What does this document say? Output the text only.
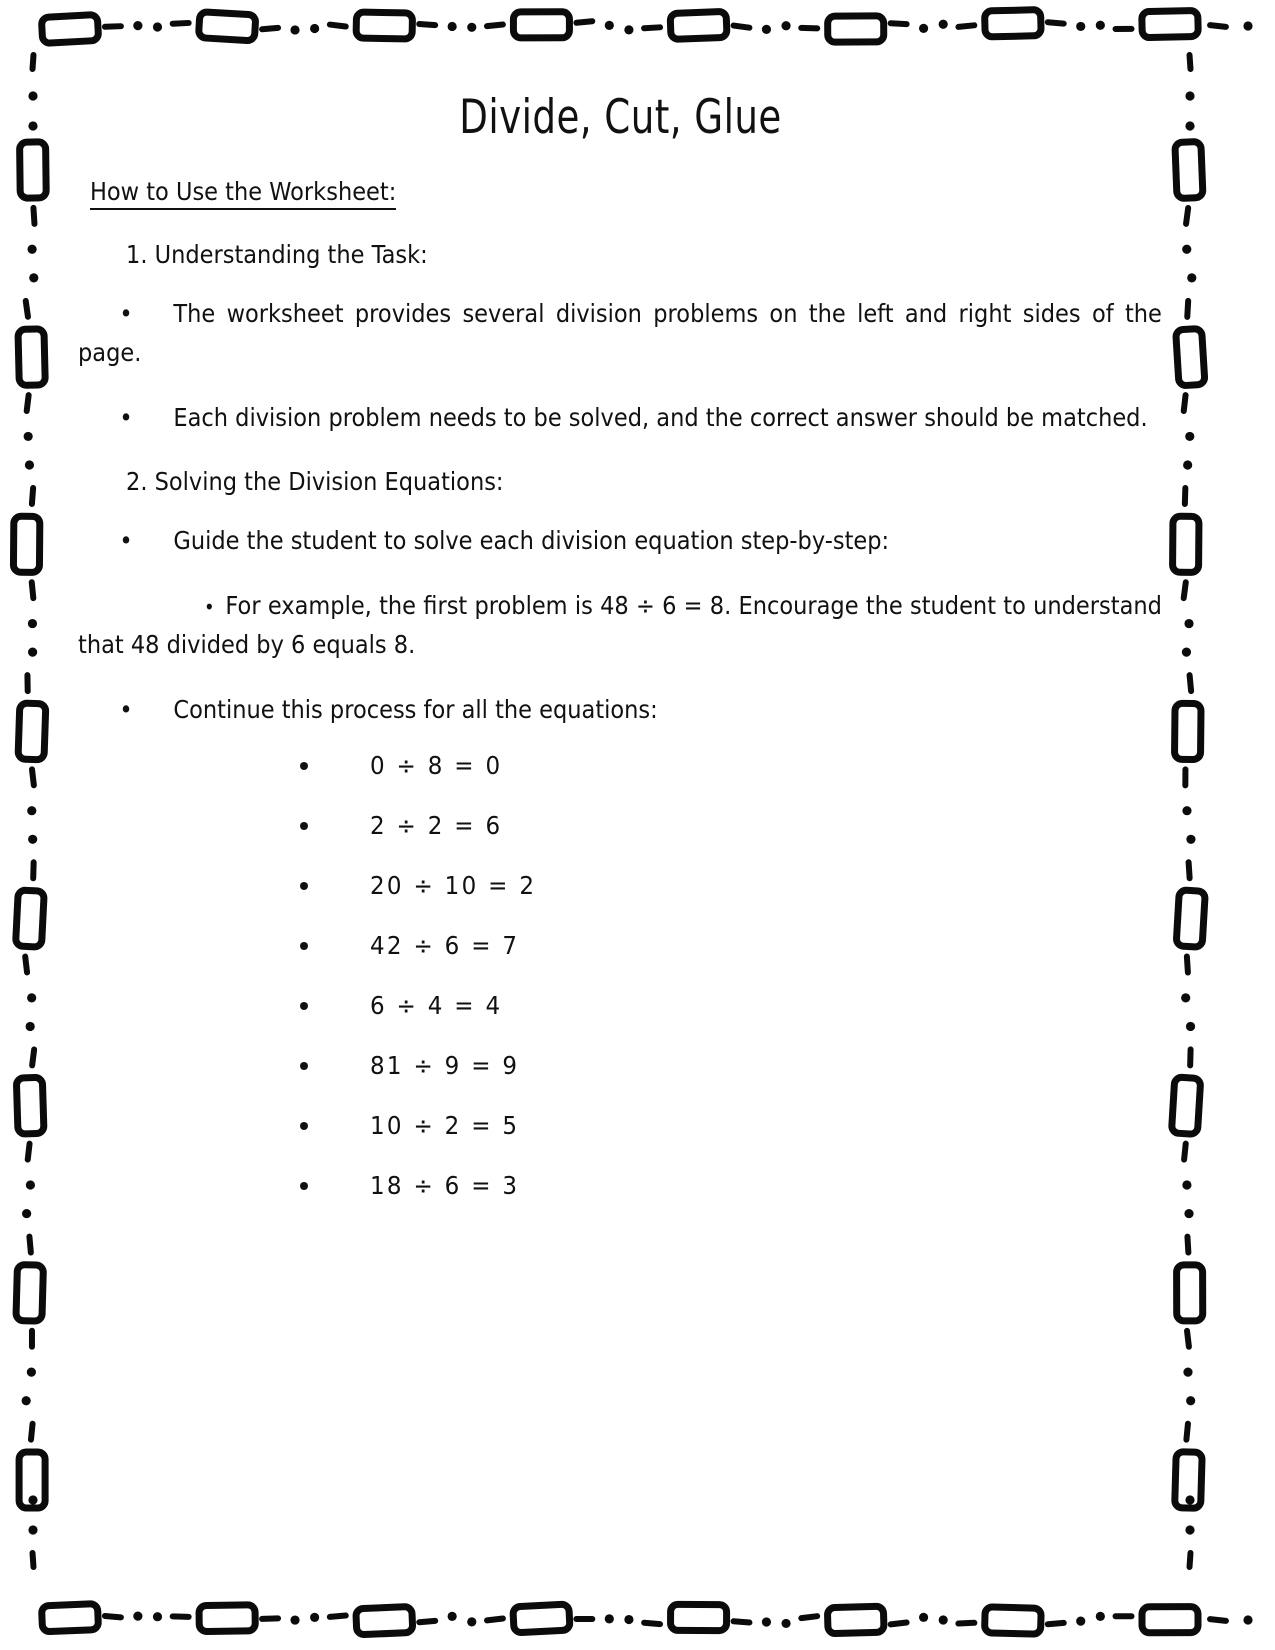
Divide, Cut, Glue
How to Use the Worksheet:
1. Understanding the Task:

• The worksheet provides several division problems on the left and right sides of the page.

• Each division problem needs to be solved, and the correct answer should be matched.

2. Solving the Division Equations:

• Guide the student to solve each division equation step-by-step:

• For example, the first problem is 48 ÷ 6 = 8. Encourage the student to understand that 48 divided by 6 equals 8.

• Continue this process for all the equations:

0 ÷ 8 = 0
2 ÷ 2 = 6
20 ÷ 10 = 2
42 ÷ 6 = 7
6 ÷ 4 = 4
81 ÷ 9 = 9
10 ÷ 2 = 5
18 ÷ 6 = 3
